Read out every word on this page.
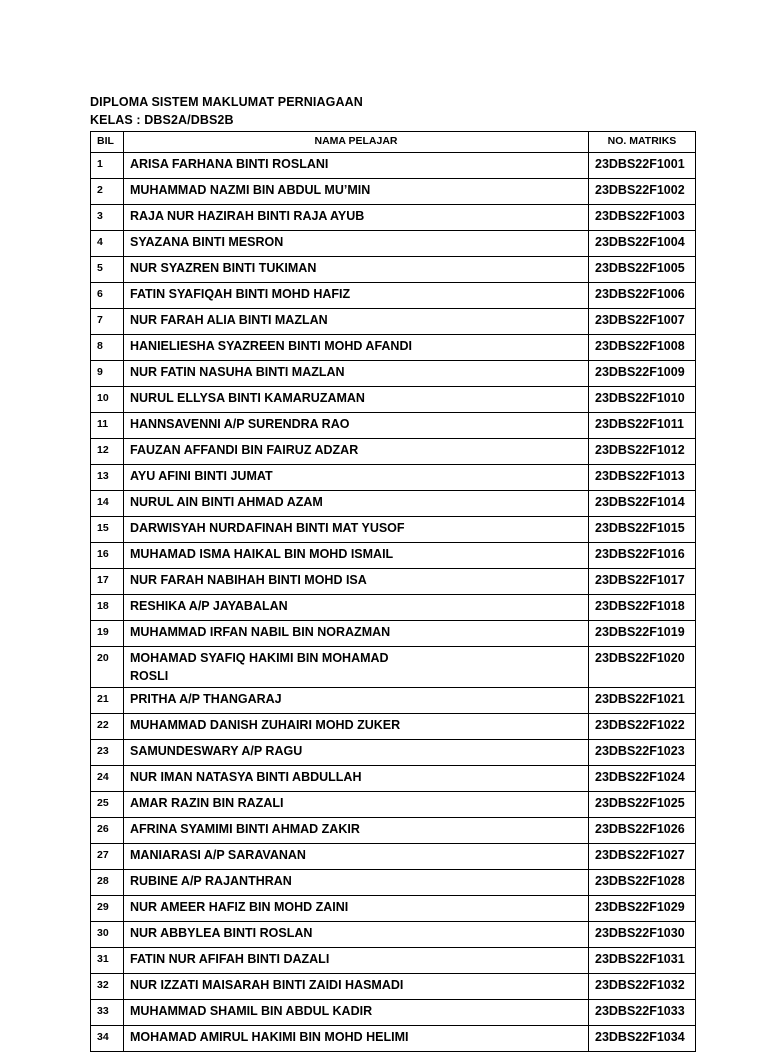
DIPLOMA SISTEM MAKLUMAT PERNIAGAAN
KELAS : DBS2A/DBS2B
BIL	NAMA PELAJAR	NO. MATRIKS
1	ARISA FARHANA BINTI ROSLANI	23DBS22F1001
2	MUHAMMAD NAZMI BIN ABDUL MU’MIN	23DBS22F1002
3	RAJA NUR HAZIRAH BINTI RAJA AYUB	23DBS22F1003
4	SYAZANA BINTI MESRON	23DBS22F1004
5	NUR SYAZREN BINTI TUKIMAN	23DBS22F1005
6	FATIN SYAFIQAH BINTI MOHD HAFIZ	23DBS22F1006
7	NUR FARAH ALIA BINTI MAZLAN	23DBS22F1007
8	HANIELIESHA SYAZREEN BINTI MOHD AFANDI	23DBS22F1008
9	NUR FATIN NASUHA BINTI MAZLAN	23DBS22F1009
10	NURUL ELLYSA BINTI KAMARUZAMAN	23DBS22F1010
11	HANNSAVENNI A/P SURENDRA RAO	23DBS22F1011
12	FAUZAN AFFANDI BIN FAIRUZ ADZAR	23DBS22F1012
13	AYU AFINI BINTI JUMAT	23DBS22F1013
14	NURUL AIN BINTI AHMAD AZAM	23DBS22F1014
15	DARWISYAH NURDAFINAH BINTI MAT YUSOF	23DBS22F1015
16	MUHAMAD ISMA HAIKAL BIN MOHD ISMAIL	23DBS22F1016
17	NUR FARAH NABIHAH BINTI MOHD ISA	23DBS22F1017
18	RESHIKA A/P JAYABALAN	23DBS22F1018
19	MUHAMMAD IRFAN NABIL BIN NORAZMAN	23DBS22F1019
20	MOHAMAD SYAFIQ HAKIMI BIN MOHAMAD ROSLI	23DBS22F1020
21	PRITHA A/P THANGARAJ	23DBS22F1021
22	MUHAMMAD DANISH ZUHAIRI MOHD ZUKER	23DBS22F1022
23	SAMUNDESWARY A/P RAGU	23DBS22F1023
24	NUR IMAN NATASYA BINTI ABDULLAH	23DBS22F1024
25	AMAR RAZIN BIN RAZALI	23DBS22F1025
26	AFRINA SYAMIMI BINTI AHMAD ZAKIR	23DBS22F1026
27	MANIARASI A/P SARAVANAN	23DBS22F1027
28	RUBINE A/P RAJANTHRAN	23DBS22F1028
29	NUR AMEER HAFIZ BIN MOHD ZAINI	23DBS22F1029
30	NUR ABBYLEA BINTI ROSLAN	23DBS22F1030
31	FATIN NUR AFIFAH BINTI DAZALI	23DBS22F1031
32	NUR IZZATI MAISARAH BINTI ZAIDI HASMADI	23DBS22F1032
33	MUHAMMAD SHAMIL BIN ABDUL KADIR	23DBS22F1033
34	MOHAMAD AMIRUL HAKIMI BIN MOHD HELIMI	23DBS22F1034
